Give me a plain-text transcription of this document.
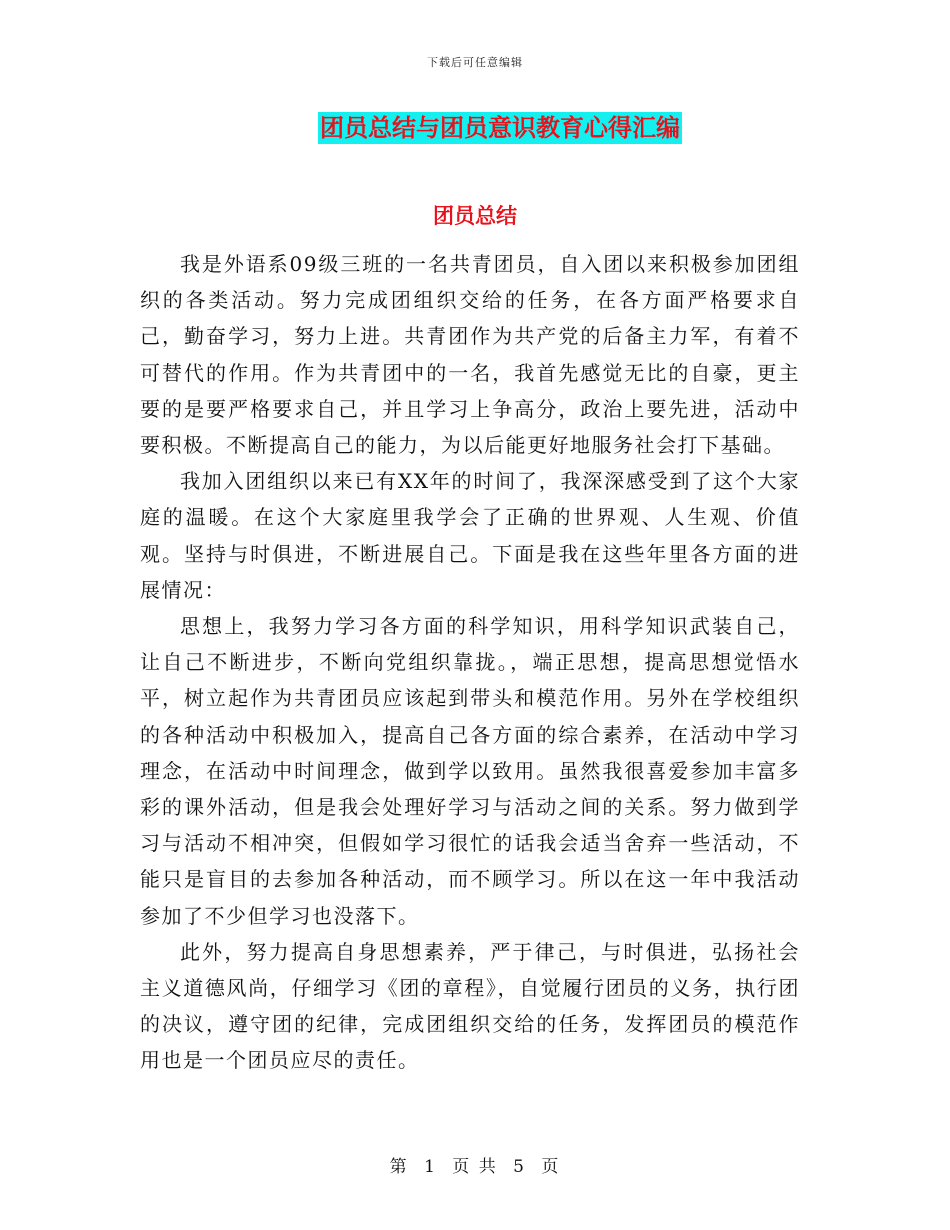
下载后可任意编辑
团员总结与团员意识教育心得汇编
团员总结

我是外语系09级三班的一名共青团员，自入团以来积极参加团组织的各类活动。努力完成团组织交给的任务，在各方面严格要求自己，勤奋学习，努力上进。共青团作为共产党的后备主力军，有着不可替代的作用。作为共青团中的一名，我首先感觉无比的自豪，更主要的是要严格要求自己，并且学习上争高分，政治上要先进，活动中要积极。不断提高自己的能力，为以后能更好地服务社会打下基础。

我加入团组织以来已有XX年的时间了，我深深感受到了这个大家庭的温暖。在这个大家庭里我学会了正确的世界观、人生观、价值观。坚持与时俱进，不断进展自己。下面是我在这些年里各方面的进展情况：

思想上，我努力学习各方面的科学知识，用科学知识武装自己，让自己不断进步，不断向党组织靠拢。，端正思想，提高思想觉悟水平，树立起作为共青团员应该起到带头和模范作用。另外在学校组织的各种活动中积极加入，提高自己各方面的综合素养，在活动中学习理念，在活动中时间理念，做到学以致用。虽然我很喜爱参加丰富多彩的课外活动，但是我会处理好学习与活动之间的关系。努力做到学习与活动不相冲突，但假如学习很忙的话我会适当舍弃一些活动，不能只是盲目的去参加各种活动，而不顾学习。所以在这一年中我活动参加了不少但学习也没落下。

此外，努力提高自身思想素养，严于律己，与时俱进，弘扬社会主义道德风尚，仔细学习《团的章程》，自觉履行团员的义务，执行团的决议，遵守团的纪律，完成团组织交给的任务，发挥团员的模范作用也是一个团员应尽的责任。

第 1 页 共 5 页
